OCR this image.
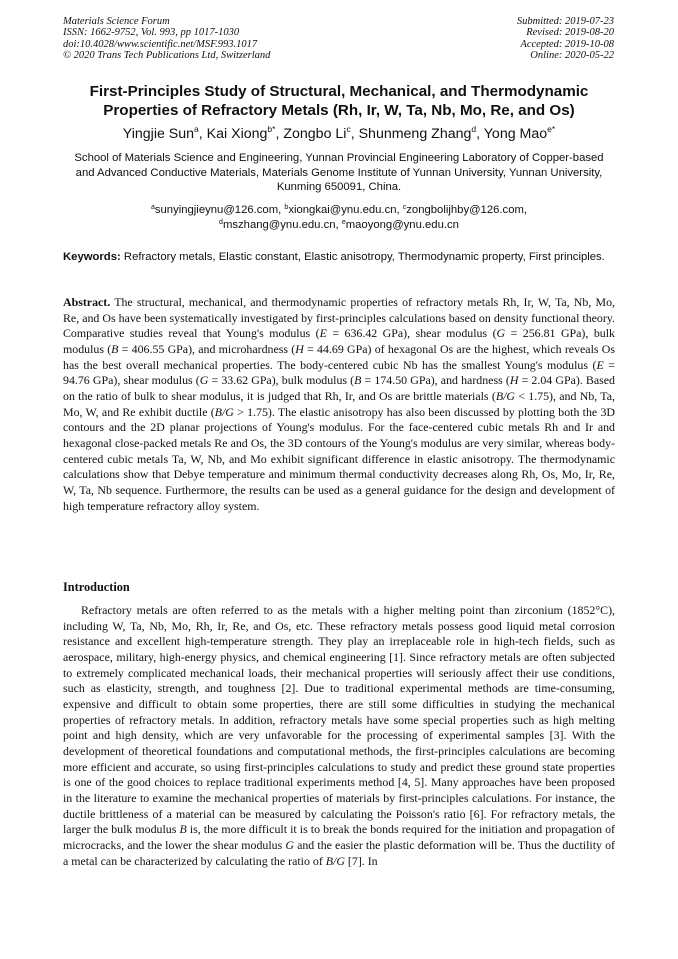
Materials Science Forum
ISSN: 1662-9752, Vol. 993, pp 1017-1030
doi:10.4028/www.scientific.net/MSF.993.1017
© 2020 Trans Tech Publications Ltd, Switzerland
Submitted: 2019-07-23
Revised: 2019-08-20
Accepted: 2019-10-08
Online: 2020-05-22
First-Principles Study of Structural, Mechanical, and Thermodynamic Properties of Refractory Metals (Rh, Ir, W, Ta, Nb, Mo, Re, and Os)
Yingjie Sun$^a$, Kai Xiong$^{b*}$, Zongbo Li$^c$, Shunmeng Zhang$^d$, Yong Mao$^{e*}$
School of Materials Science and Engineering, Yunnan Provincial Engineering Laboratory of Copper-based and Advanced Conductive Materials, Materials Genome Institute of Yunnan University, Yunnan University, Kunming 650091, China.
$^a$sunyingjieynu@126.com, $^b$xiongkai@ynu.edu.cn, $^c$zongbolijhby@126.com,
$^d$mszhang@ynu.edu.cn, $^e$maoyong@ynu.edu.cn
Keywords: Refractory metals, Elastic constant, Elastic anisotropy, Thermodynamic property, First principles.
Abstract. The structural, mechanical, and thermodynamic properties of refractory metals Rh, Ir, W, Ta, Nb, Mo, Re, and Os have been systematically investigated by first-principles calculations based on density functional theory. Comparative studies reveal that Young's modulus (E = 636.42 GPa), shear modulus (G = 256.81 GPa), bulk modulus (B = 406.55 GPa), and microhardness (H = 44.69 GPa) of hexagonal Os are the highest, which reveals Os has the best overall mechanical properties. The body-centered cubic Nb has the smallest Young's modulus (E = 94.76 GPa), shear modulus (G = 33.62 GPa), bulk modulus (B = 174.50 GPa), and hardness (H = 2.04 GPa). Based on the ratio of bulk to shear modulus, it is judged that Rh, Ir, and Os are brittle materials (B/G < 1.75), and Nb, Ta, Mo, W, and Re exhibit ductile (B/G > 1.75). The elastic anisotropy has also been discussed by plotting both the 3D contours and the 2D planar projections of Young's modulus. For the face-centered cubic metals Rh and Ir and hexagonal close-packed metals Re and Os, the 3D contours of the Young's modulus are very similar, whereas body-centered cubic metals Ta, W, Nb, and Mo exhibit significant difference in elastic anisotropy. The thermodynamic calculations show that Debye temperature and minimum thermal conductivity decreases along Rh, Os, Mo, Ir, Re, W, Ta, Nb sequence. Furthermore, the results can be used as a general guidance for the design and development of high temperature refractory alloy system.
Introduction
Refractory metals are often referred to as the metals with a higher melting point than zirconium (1852°C), including W, Ta, Nb, Mo, Rh, Ir, Re, and Os, etc. These refractory metals possess good liquid metal corrosion resistance and excellent high-temperature strength. They play an irreplaceable role in high-tech fields, such as aerospace, military, high-energy physics, and chemical engineering [1]. Since refractory metals are often subjected to extremely complicated mechanical loads, their mechanical properties will seriously affect their use conditions, such as elasticity, strength, and toughness [2]. Due to traditional experimental methods are time-consuming, expensive and difficult to obtain some properties, there are still some difficulties in studying the mechanical properties of refractory metals. In addition, refractory metals have some special properties such as high melting point and high density, which are very unfavorable for the processing of experimental samples [3]. With the development of theoretical foundations and computational methods, the first-principles calculations are becoming more efficient and accurate, so using first-principles calculations to study and predict these ground state properties is one of the good choices to replace traditional experiments method [4, 5]. Many approaches have been proposed in the literature to examine the mechanical properties of materials by first-principles calculations. For instance, the ductile brittleness of a material can be measured by calculating the Poisson's ratio [6]. For refractory metals, the larger the bulk modulus B is, the more difficult it is to break the bonds required for the initiation and propagation of microcracks, and the lower the shear modulus G and the easier the plastic deformation will be. Thus the ductility of a metal can be characterized by calculating the ratio of B/G [7]. In
